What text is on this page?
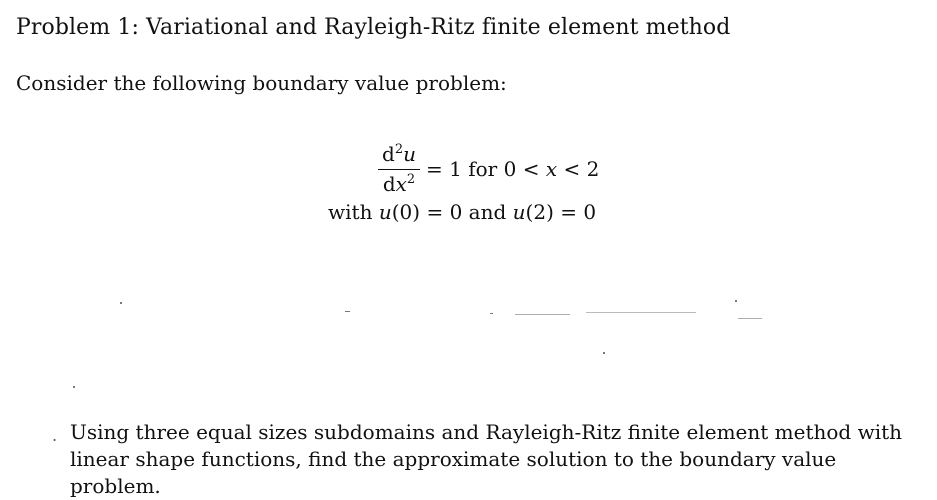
Problem 1: Variational and Rayleigh-Ritz finite element method
Consider the following boundary value problem:
$d^2u$
$dx^2 = 1$ for 0 < x < 2
with u(0) = 0 and u(2) = 0
. Using three equal sizes subdomains and Rayleigh-Ritz finite element method with linear shape functions, find the approximate solution to the boundary value problem.
